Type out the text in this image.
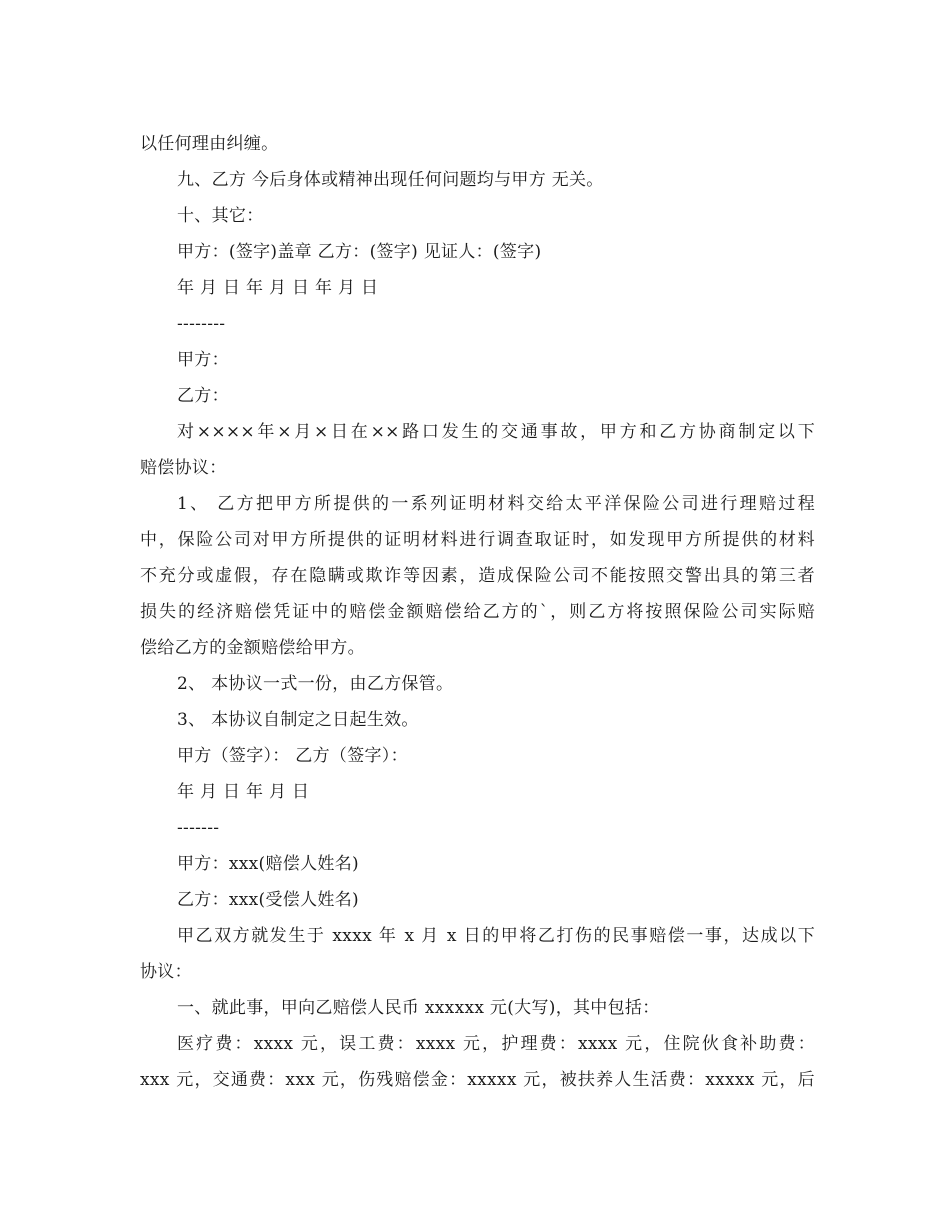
以任何理由纠缠。
九、乙方 今后身体或精神出现任何问题均与甲方 无关。
十、其它：
甲方：(签字)盖章 乙方：(签字) 见证人：(签字)
年 月 日 年 月 日 年 月 日
--------
甲方：
乙方：
对××××年×月×日在××路口发生的交通事故，甲方和乙方协商制定以下
赔偿协议：
1、 乙方把甲方所提供的一系列证明材料交给太平洋保险公司进行理赔过程
中，保险公司对甲方所提供的证明材料进行调查取证时，如发现甲方所提供的材料
不充分或虚假，存在隐瞒或欺诈等因素，造成保险公司不能按照交警出具的第三者
损失的经济赔偿凭证中的赔偿金额赔偿给乙方的`，则乙方将按照保险公司实际赔
偿给乙方的金额赔偿给甲方。
2、 本协议一式一份，由乙方保管。
3、 本协议自制定之日起生效。
甲方（签字）： 乙方（签字）：
年 月 日 年 月 日
-------
甲方：xxx(赔偿人姓名)
乙方：xxx(受偿人姓名)
甲乙双方就发生于 xxxx 年 x 月 x 日的甲将乙打伤的民事赔偿一事，达成以下
协议：
一、就此事，甲向乙赔偿人民币 xxxxxx 元(大写)，其中包括：
医疗费：xxxx 元，误工费：xxxx 元，护理费：xxxx 元，住院伙食补助费：
xxx 元，交通费：xxx 元，伤残赔偿金：xxxxx 元，被扶养人生活费：xxxxx 元，后
